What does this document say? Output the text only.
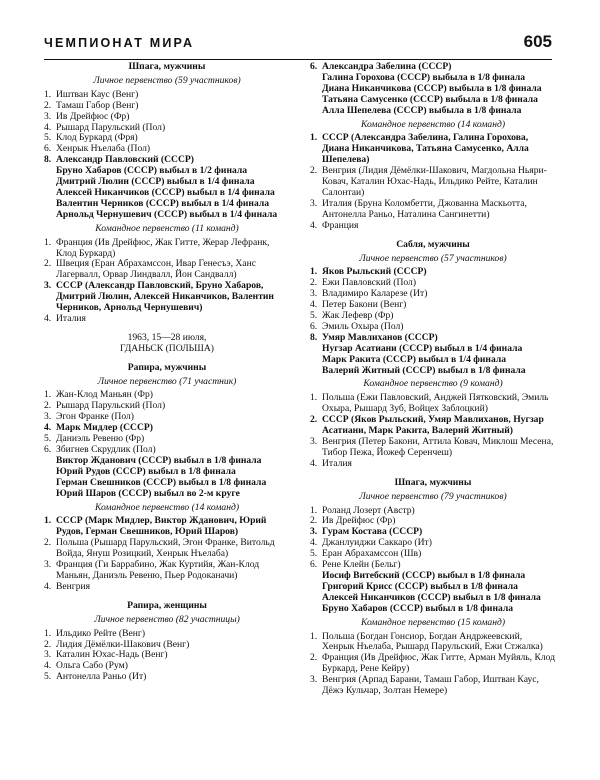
ЧЕМПИОНАТ МИРА	605
Шпага, мужчины
Личное первенство (59 участников)
1. Иштван Каус (Венг)
2. Тамаш Габор (Венг)
3. Ив Дрейфюс (Фр)
4. Рышард Парульский (Пол)
5. Клод Буркард (Фря)
6. Хенрык Нъелаба (Пол)
8. Александр Павловский (СССР)
Бруно Хабаров (СССР) выбыл в 1/2 финала
Дмитрий Люлин (СССР) выбыл в 1/4 финала
Алексей Никанчиков (СССР) выбыл в 1/4 финала
Валентин Черников (СССР) выбыл в 1/4 финала
Арнольд Чернушевич (СССР) выбыл в 1/4 финала
Командное первенство (11 команд)
1. Франция (Ив Дрейфюс, Жак Гитте, Жерар Лефранк, Клод Буркард)
2. Швеция (Еран Абрахамссон, Ивар Генесъэ, Ханс Лагервалл, Орвар Линдвалл, Йон Сандвалл)
3. СССР (Александр Павловский, Бруно Хабаров, Дмитрий Люлин, Алексей Никанчиков, Валентин Черников, Арнольд Чернушевич)
4. Италия
1963, 15—28 июля,
ГДАНЬСК (ПОЛЬША)
Рапира, мужчины
Личное первенство (71 участник)
1. Жан-Клод Маньян (Фр)
2. Рышард Парульский (Пол)
3. Эгон Франке (Пол)
4. Марк Мидлер (СССР)
5. Даниэль Ревеню (Фр)
6. Збигнев Скрудлик (Пол)
Виктор Жданович (СССР) выбыл в 1/8 финала
Юрий Рудов (СССР) выбыл в 1/8 финала
Герман Свешников (СССР) выбыл в 1/8 финала
Юрий Шаров (СССР) выбыл во 2-м круге
Командное первенство (14 команд)
1. СССР (Марк Мидлер, Виктор Жданович, Юрий Рудов, Герман Свешников, Юрий Шаров)
2. Польша (Рышард Парульский, Эгон Франке, Витольд Войда, Януш Розицкий, Хенрык Нъелаба)
3. Франция (Ги Баррабино, Жак Куртийя, Жан-Клод Маньян, Даниэль Ревеню, Пьер Родоканачи)
4. Венгрия
Рапира, женщины
Личное первенство (82 участницы)
1. Ильдико Рейте (Венг)
2. Лидия Дёмёлки-Шакович (Венг)
3. Каталин Юхас-Надь (Венг)
4. Ольга Сабо (Рум)
5. Антонелла Раньо (Ит)
6. Александра Забелина (СССР)
Галина Горохова (СССР) выбыла в 1/8 финала
Диана Никанчикова (СССР) выбыла в 1/8 финала
Татьяна Самусенко (СССР) выбыла в 1/8 финала
Алла Шепелева (СССР) выбыла в 1/8 финала
Командное первенство (14 команд)
1. СССР (Александра Забелина, Галина Горохова, Диана Никанчикова, Татьяна Самусенко, Алла Шепелева)
2. Венгрия (Лидия Дёмёлки-Шакович, Магдольна Ньяри-Ковач, Каталин Юхас-Надь, Ильдико Рейте, Каталин Салонтаи)
3. Италия (Бруна Коломбетти, Джованна Маскьотта, Антонелла Раньо, Наталина Сангинетти)
4. Франция
Сабля, мужчины
Личное первенство (57 участников)
1. Яков Рыльский (СССР)
2. Ежи Павловский (Пол)
3. Владимиро Каларезе (Ит)
4. Петер Бакони (Венг)
5. Жак Лефевр (Фр)
6. Эмиль Охыра (Пол)
8. Умяр Мавлиханов (СССР)
Нугзар Асатиани (СССР) выбыл в 1/4 финала
Марк Ракита (СССР) выбыл в 1/4 финала
Валерий Житный (СССР) выбыл в 1/8 финала
Командное первенство (9 команд)
1. Польша (Ежи Павловский, Анджей Пятковский, Эмиль Охыра, Рышард Зуб, Войцех Заблоцкий)
2. СССР (Яков Рыльский, Умяр Мавлиханов, Нугзар Асатиани, Марк Ракита, Валерий Житный)
3. Венгрия (Петер Бакони, Аттила Ковач, Миклош Месена, Тибор Пежа, Йожеф Серенчеш)
4. Италия
Шпага, мужчины
Личное первенство (79 участников)
1. Роланд Лозерт (Австр)
2. Ив Дрейфюс (Фр)
3. Гурам Костава (СССР)
4. Джанлуиджи Саккаро (Ит)
5. Еран Абрахамссон (Шв)
6. Рене Клейн (Бельг)
Иосиф Витебский (СССР) выбыл в 1/8 финала
Григорий Крисс (СССР) выбыл в 1/8 финала
Алексей Никанчиков (СССР) выбыл в 1/8 финала
Бруно Хабаров (СССР) выбыл в 1/8 финала
Командное первенство (15 команд)
1. Польша (Богдан Гонсиор, Богдан Андржеевский, Хенрык Нъелаба, Рышард Парульский, Ежи Стжалка)
2. Франция (Ив Дрейфюс, Жак Гитте, Арман Муйяль, Клод Буркард, Рене Кейру)
3. Венгрия (Арпад Барани, Тамаш Габор, Иштван Каус, Дёжэ Кульчар, Золтан Немере)
